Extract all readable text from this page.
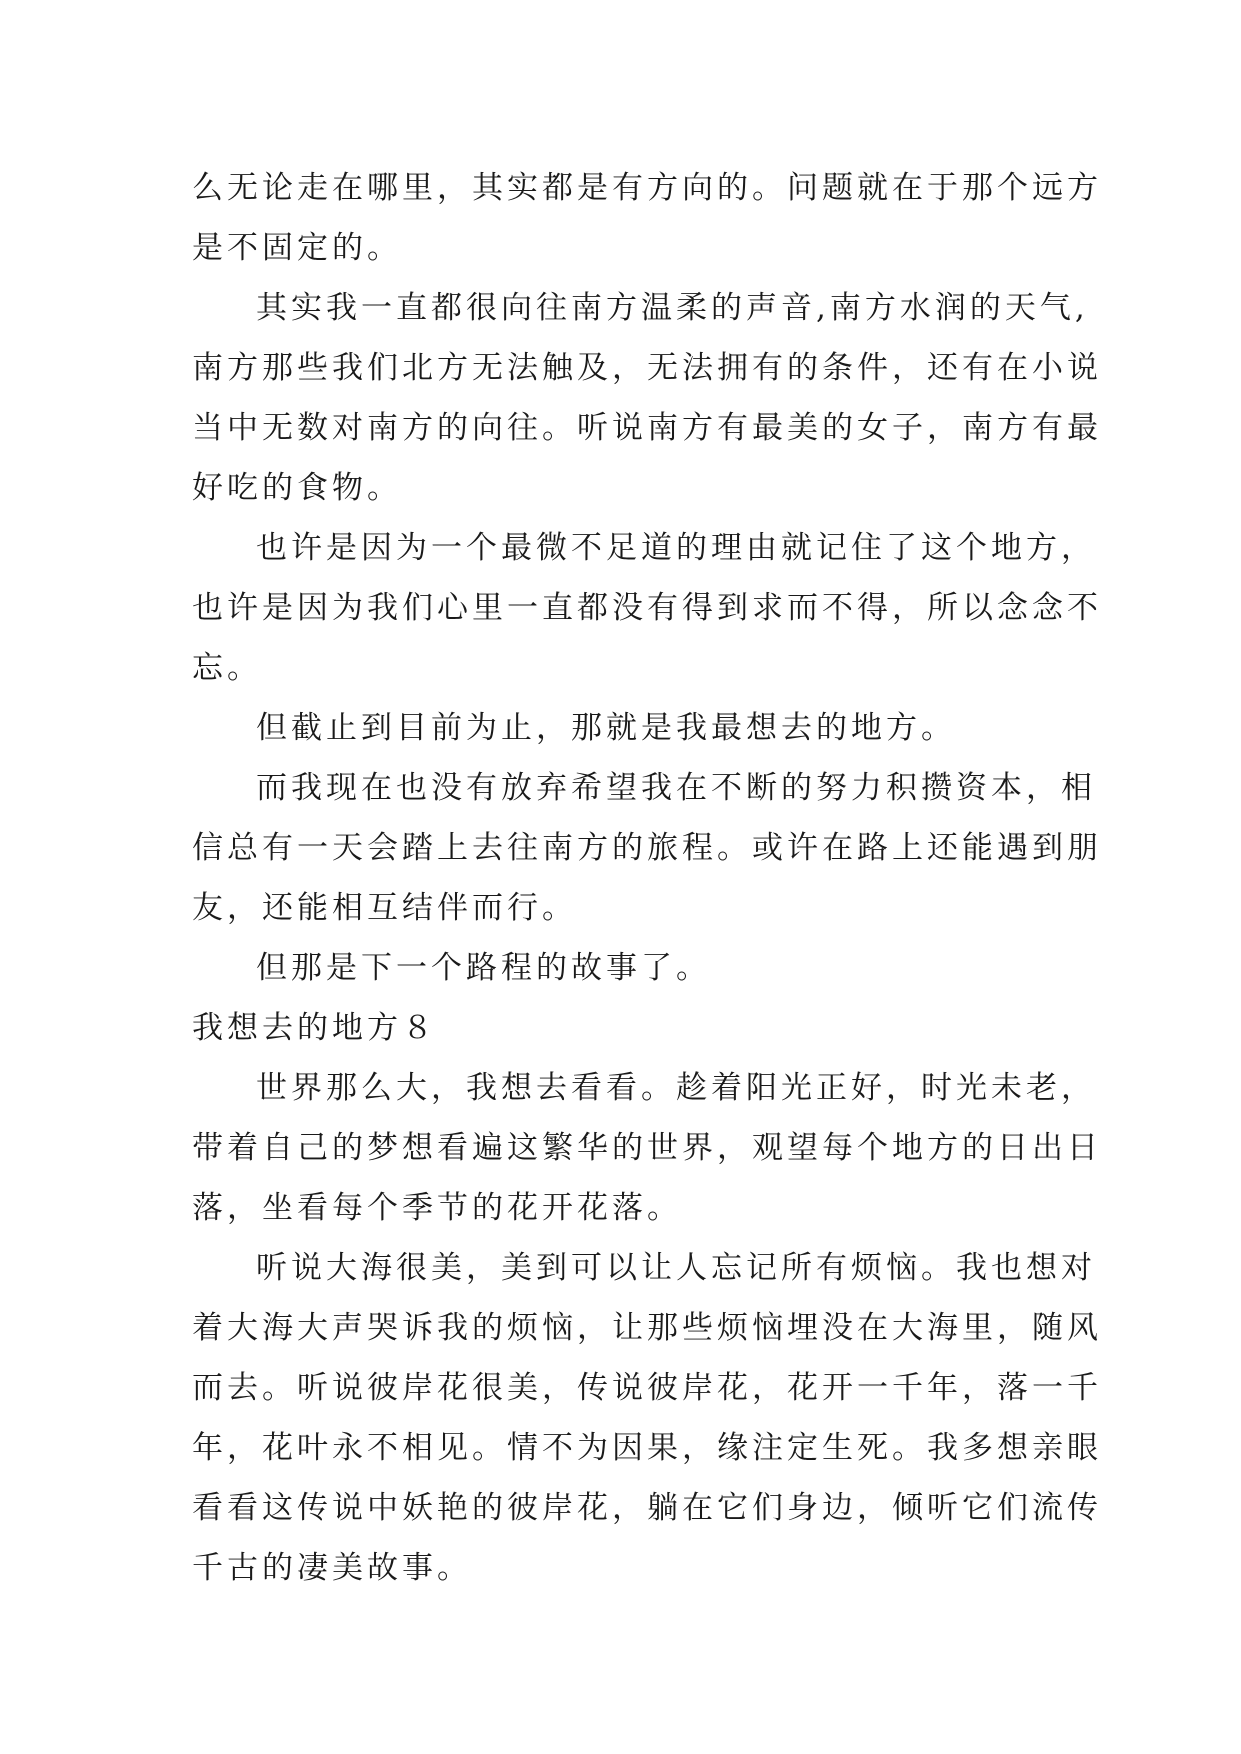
么无论走在哪里，其实都是有方向的。问题就在于那个远方
是不固定的。
其实我一直都很向往南方温柔的声音,南方水润的天气,
南方那些我们北方无法触及，无法拥有的条件，还有在小说
当中无数对南方的向往。听说南方有最美的女子，南方有最
好吃的食物。
也许是因为一个最微不足道的理由就记住了这个地方，
也许是因为我们心里一直都没有得到求而不得，所以念念不
忘。
但截止到目前为止，那就是我最想去的地方。
而我现在也没有放弃希望我在不断的努力积攒资本，相
信总有一天会踏上去往南方的旅程。或许在路上还能遇到朋
友，还能相互结伴而行。
但那是下一个路程的故事了。
我想去的地方８
世界那么大，我想去看看。趁着阳光正好，时光未老，
带着自己的梦想看遍这繁华的世界，观望每个地方的日出日
落，坐看每个季节的花开花落。
听说大海很美，美到可以让人忘记所有烦恼。我也想对
着大海大声哭诉我的烦恼，让那些烦恼埋没在大海里，随风
而去。听说彼岸花很美，传说彼岸花，花开一千年，落一千
年，花叶永不相见。情不为因果，缘注定生死。我多想亲眼
看看这传说中妖艳的彼岸花，躺在它们身边，倾听它们流传
千古的凄美故事。
